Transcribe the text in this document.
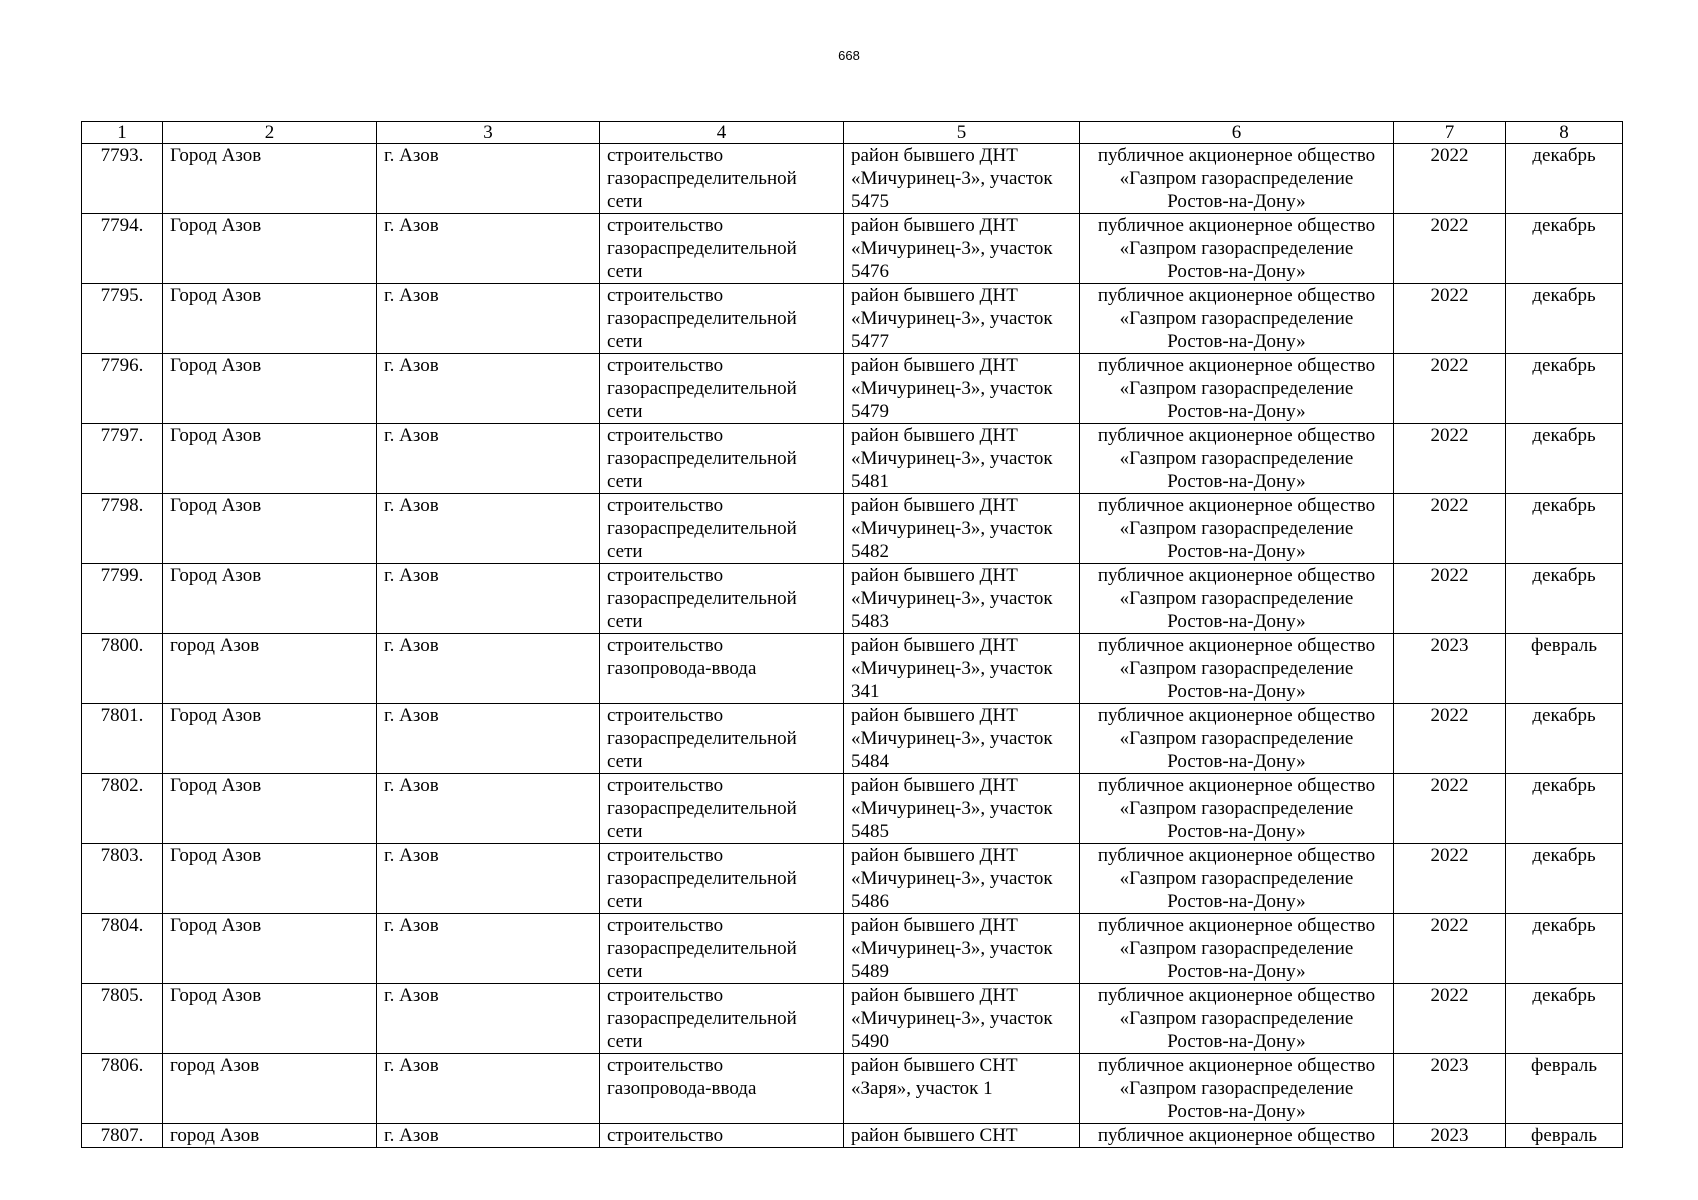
668
1	2	3	4	5	6	7	8
7793.	Город Азов	г. Азов	строительство
газораспределительной
сети	район бывшего ДНТ
«Мичуринец-3», участок
5475	публичное акционерное общество
«Газпром газораспределение
Ростов-на-Дону»	2022	декабрь
7794.	Город Азов	г. Азов	строительство
газораспределительной
сети	район бывшего ДНТ
«Мичуринец-3», участок
5476	публичное акционерное общество
«Газпром газораспределение
Ростов-на-Дону»	2022	декабрь
7795.	Город Азов	г. Азов	строительство
газораспределительной
сети	район бывшего ДНТ
«Мичуринец-3», участок
5477	публичное акционерное общество
«Газпром газораспределение
Ростов-на-Дону»	2022	декабрь
7796.	Город Азов	г. Азов	строительство
газораспределительной
сети	район бывшего ДНТ
«Мичуринец-3», участок
5479	публичное акционерное общество
«Газпром газораспределение
Ростов-на-Дону»	2022	декабрь
7797.	Город Азов	г. Азов	строительство
газораспределительной
сети	район бывшего ДНТ
«Мичуринец-3», участок
5481	публичное акционерное общество
«Газпром газораспределение
Ростов-на-Дону»	2022	декабрь
7798.	Город Азов	г. Азов	строительство
газораспределительной
сети	район бывшего ДНТ
«Мичуринец-3», участок
5482	публичное акционерное общество
«Газпром газораспределение
Ростов-на-Дону»	2022	декабрь
7799.	Город Азов	г. Азов	строительство
газораспределительной
сети	район бывшего ДНТ
«Мичуринец-3», участок
5483	публичное акционерное общество
«Газпром газораспределение
Ростов-на-Дону»	2022	декабрь
7800.	город Азов	г. Азов	строительство
газопровода-ввода	район бывшего ДНТ
«Мичуринец-3», участок
341	публичное акционерное общество
«Газпром газораспределение
Ростов-на-Дону»	2023	февраль
7801.	Город Азов	г. Азов	строительство
газораспределительной
сети	район бывшего ДНТ
«Мичуринец-3», участок
5484	публичное акционерное общество
«Газпром газораспределение
Ростов-на-Дону»	2022	декабрь
7802.	Город Азов	г. Азов	строительство
газораспределительной
сети	район бывшего ДНТ
«Мичуринец-3», участок
5485	публичное акционерное общество
«Газпром газораспределение
Ростов-на-Дону»	2022	декабрь
7803.	Город Азов	г. Азов	строительство
газораспределительной
сети	район бывшего ДНТ
«Мичуринец-3», участок
5486	публичное акционерное общество
«Газпром газораспределение
Ростов-на-Дону»	2022	декабрь
7804.	Город Азов	г. Азов	строительство
газораспределительной
сети	район бывшего ДНТ
«Мичуринец-3», участок
5489	публичное акционерное общество
«Газпром газораспределение
Ростов-на-Дону»	2022	декабрь
7805.	Город Азов	г. Азов	строительство
газораспределительной
сети	район бывшего ДНТ
«Мичуринец-3», участок
5490	публичное акционерное общество
«Газпром газораспределение
Ростов-на-Дону»	2022	декабрь
7806.	город Азов	г. Азов	строительство
газопровода-ввода	район бывшего СНТ
«Заря», участок 1	публичное акционерное общество
«Газпром газораспределение
Ростов-на-Дону»	2023	февраль
7807.	город Азов	г. Азов	строительство	район бывшего СНТ	публичное акционерное общество	2023	февраль
